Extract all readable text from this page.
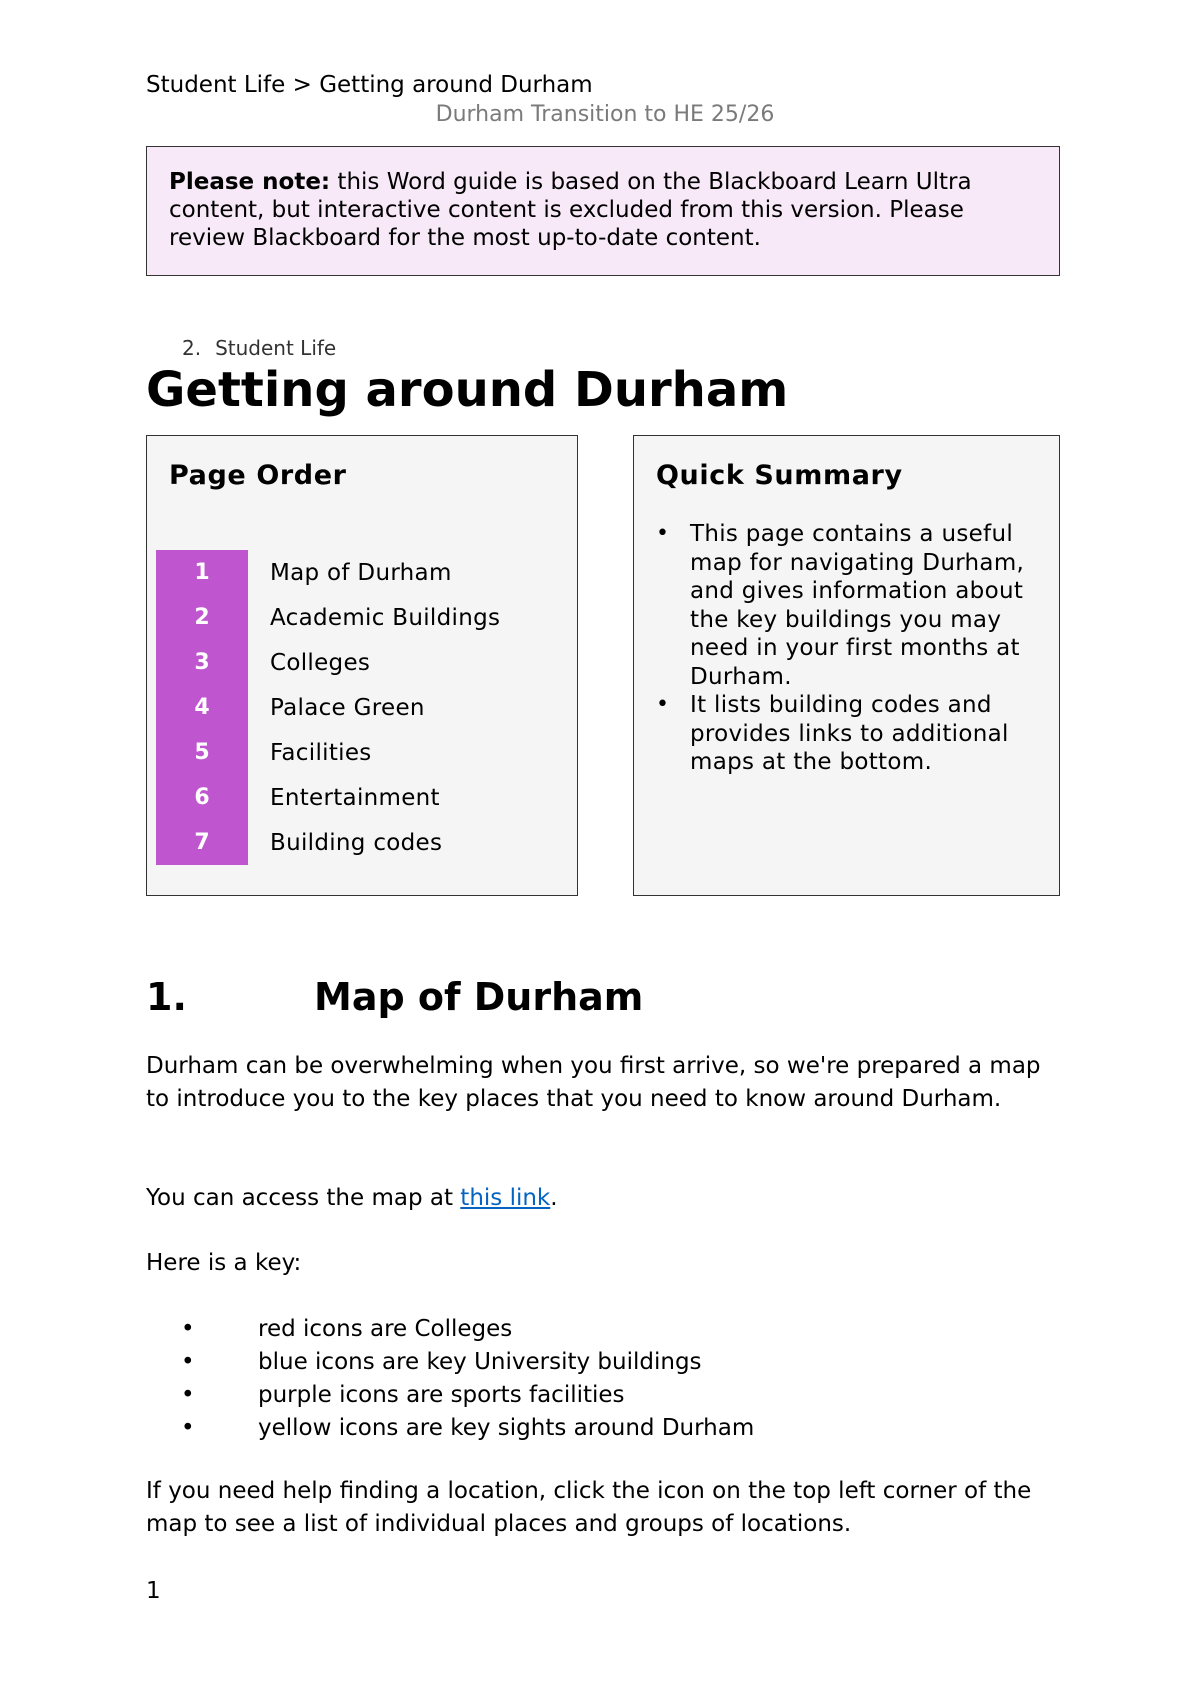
Student Life > Getting around Durham
Durham Transition to HE 25/26
Please note: this Word guide is based on the Blackboard Learn Ultra content, but interactive content is excluded from this version. Please review Blackboard for the most up-to-date content.
2. Student Life
Getting around Durham
Page Order
1	Map of Durham
2	Academic Buildings
3	Colleges
4	Palace Green
5	Facilities
6	Entertainment
7	Building codes
Quick Summary
• This page contains a useful map for navigating Durham, and gives information about the key buildings you may need in your first months at Durham.
• It lists building codes and provides links to additional maps at the bottom.
1.	Map of Durham
Durham can be overwhelming when you first arrive, so we're prepared a map to introduce you to the key places that you need to know around Durham.
You can access the map at this link.
Here is a key:
• red icons are Colleges
• blue icons are key University buildings
• purple icons are sports facilities
• yellow icons are key sights around Durham
If you need help finding a location, click the icon on the top left corner of the map to see a list of individual places and groups of locations.
1
